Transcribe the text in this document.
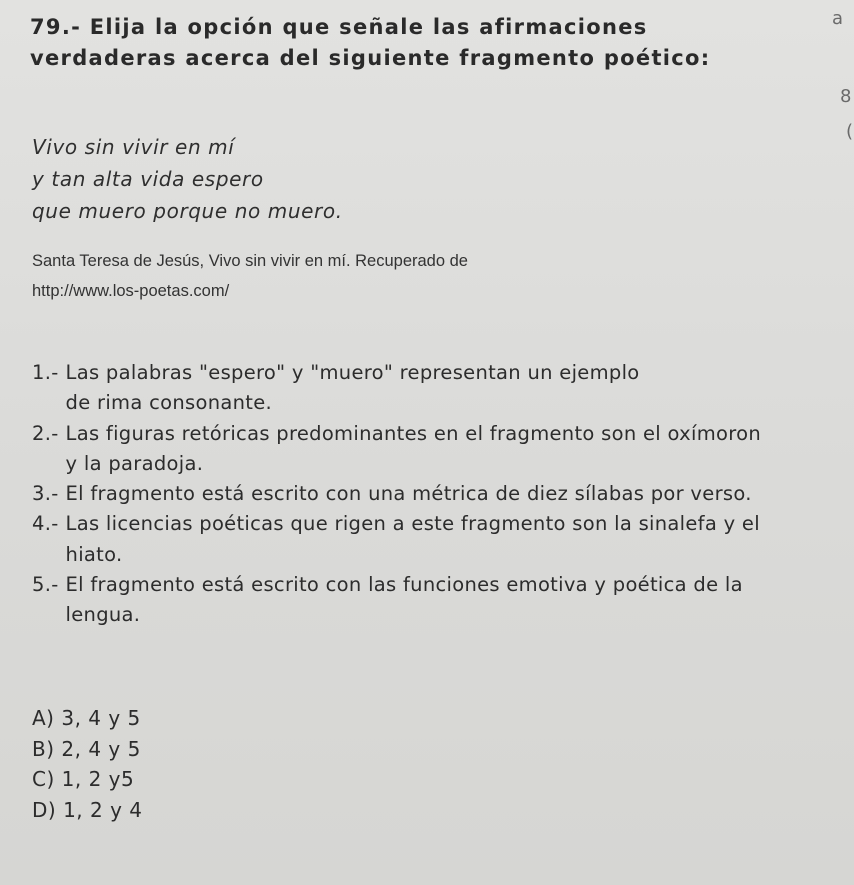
79.- Elija la opción que señale las afirmaciones verdaderas acerca del siguiente fragmento poético:
a
8
(
Vivo sin vivir en mí
y tan alta vida espero
que muero porque no muero.
Santa Teresa de Jesús, Vivo sin vivir en mí. Recuperado de
http://www.los-poetas.com/
1.- Las palabras "espero" y "muero" representan un ejemplo de rima consonante.
2.- Las figuras retóricas predominantes en el fragmento son el oxímoron y la paradoja.
3.- El fragmento está escrito con una métrica de diez sílabas por verso.
4.- Las licencias poéticas que rigen a este fragmento son la sinalefa y el hiato.
5.- El fragmento está escrito con las funciones emotiva y poética de la lengua.
A) 3, 4 y 5
B) 2, 4 y 5
C) 1, 2 y5
D) 1, 2 y 4
